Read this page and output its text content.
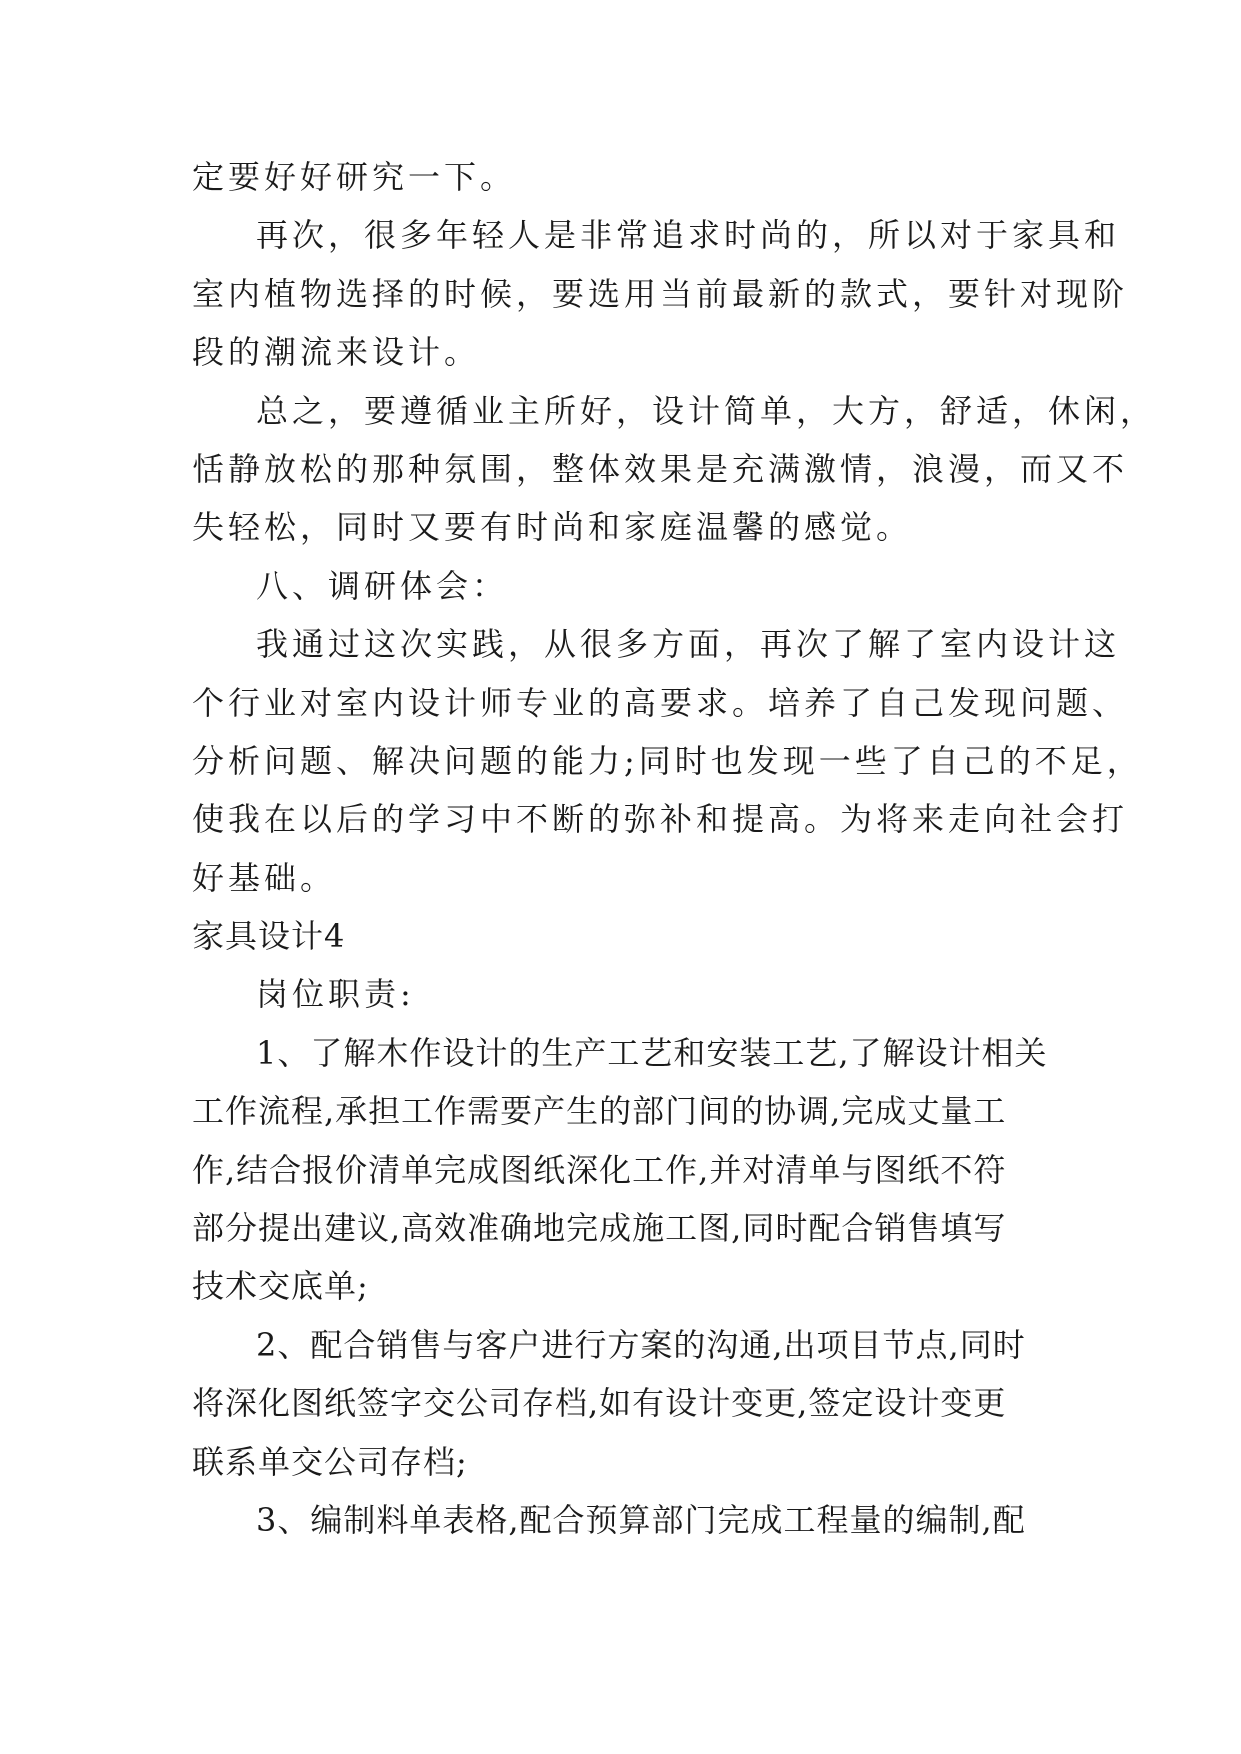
定要好好研究一下。
再次，很多年轻人是非常追求时尚的，所以对于家具和
室内植物选择的时候，要选用当前最新的款式，要针对现阶
段的潮流来设计。
总之，要遵循业主所好，设计简单，大方，舒适，休闲，
恬静放松的那种氛围，整体效果是充满激情，浪漫，而又不
失轻松，同时又要有时尚和家庭温馨的感觉。
八、调研体会：
我通过这次实践，从很多方面，再次了解了室内设计这
个行业对室内设计师专业的高要求。培养了自己发现问题、
分析问题、解决问题的能力;同时也发现一些了自己的不足，
使我在以后的学习中不断的弥补和提高。为将来走向社会打
好基础。
家具设计4
岗位职责:
1、了解木作设计的生产工艺和安装工艺,了解设计相关
工作流程,承担工作需要产生的部门间的协调,完成丈量工
作,结合报价清单完成图纸深化工作,并对清单与图纸不符
部分提出建议,高效准确地完成施工图,同时配合销售填写
技术交底单;
2、配合销售与客户进行方案的沟通,出项目节点,同时
将深化图纸签字交公司存档,如有设计变更,签定设计变更
联系单交公司存档;
3、编制料单表格,配合预算部门完成工程量的编制,配
